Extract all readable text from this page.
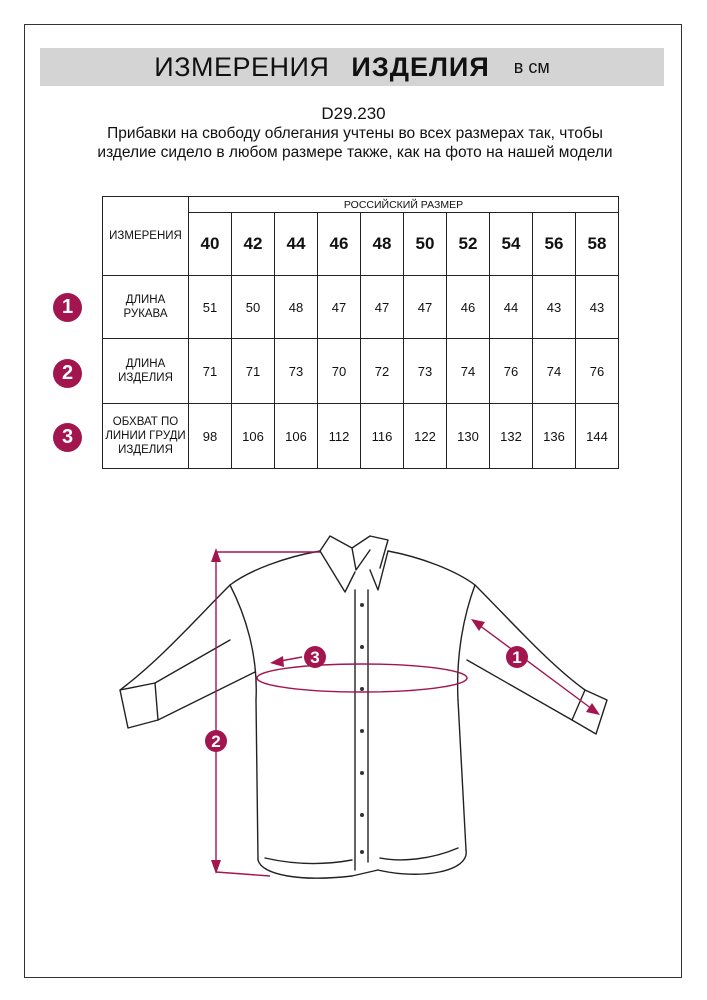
ИЗМЕРЕНИЯ ИЗДЕЛИЯ в см
D29.230
Прибавки на свободу облегания учтены во всех размерах так, чтобы изделие сидело в любом размере также, как на фото на нашей модели
ИЗМЕРЕНИЯ	РОССИЙСКИЙ РАЗМЕР									
	40	42	44	46	48	50	52	54	56	58
ДЛИНА РУКАВА	51	50	48	47	47	47	46	44	43	43
ДЛИНА ИЗДЕЛИЯ	71	71	73	70	72	73	74	76	74	76
ОБХВАТ ПО ЛИНИИ ГРУДИ ИЗДЕЛИЯ	98	106	106	112	116	122	130	132	136	144
1
2
3
1
2
3
